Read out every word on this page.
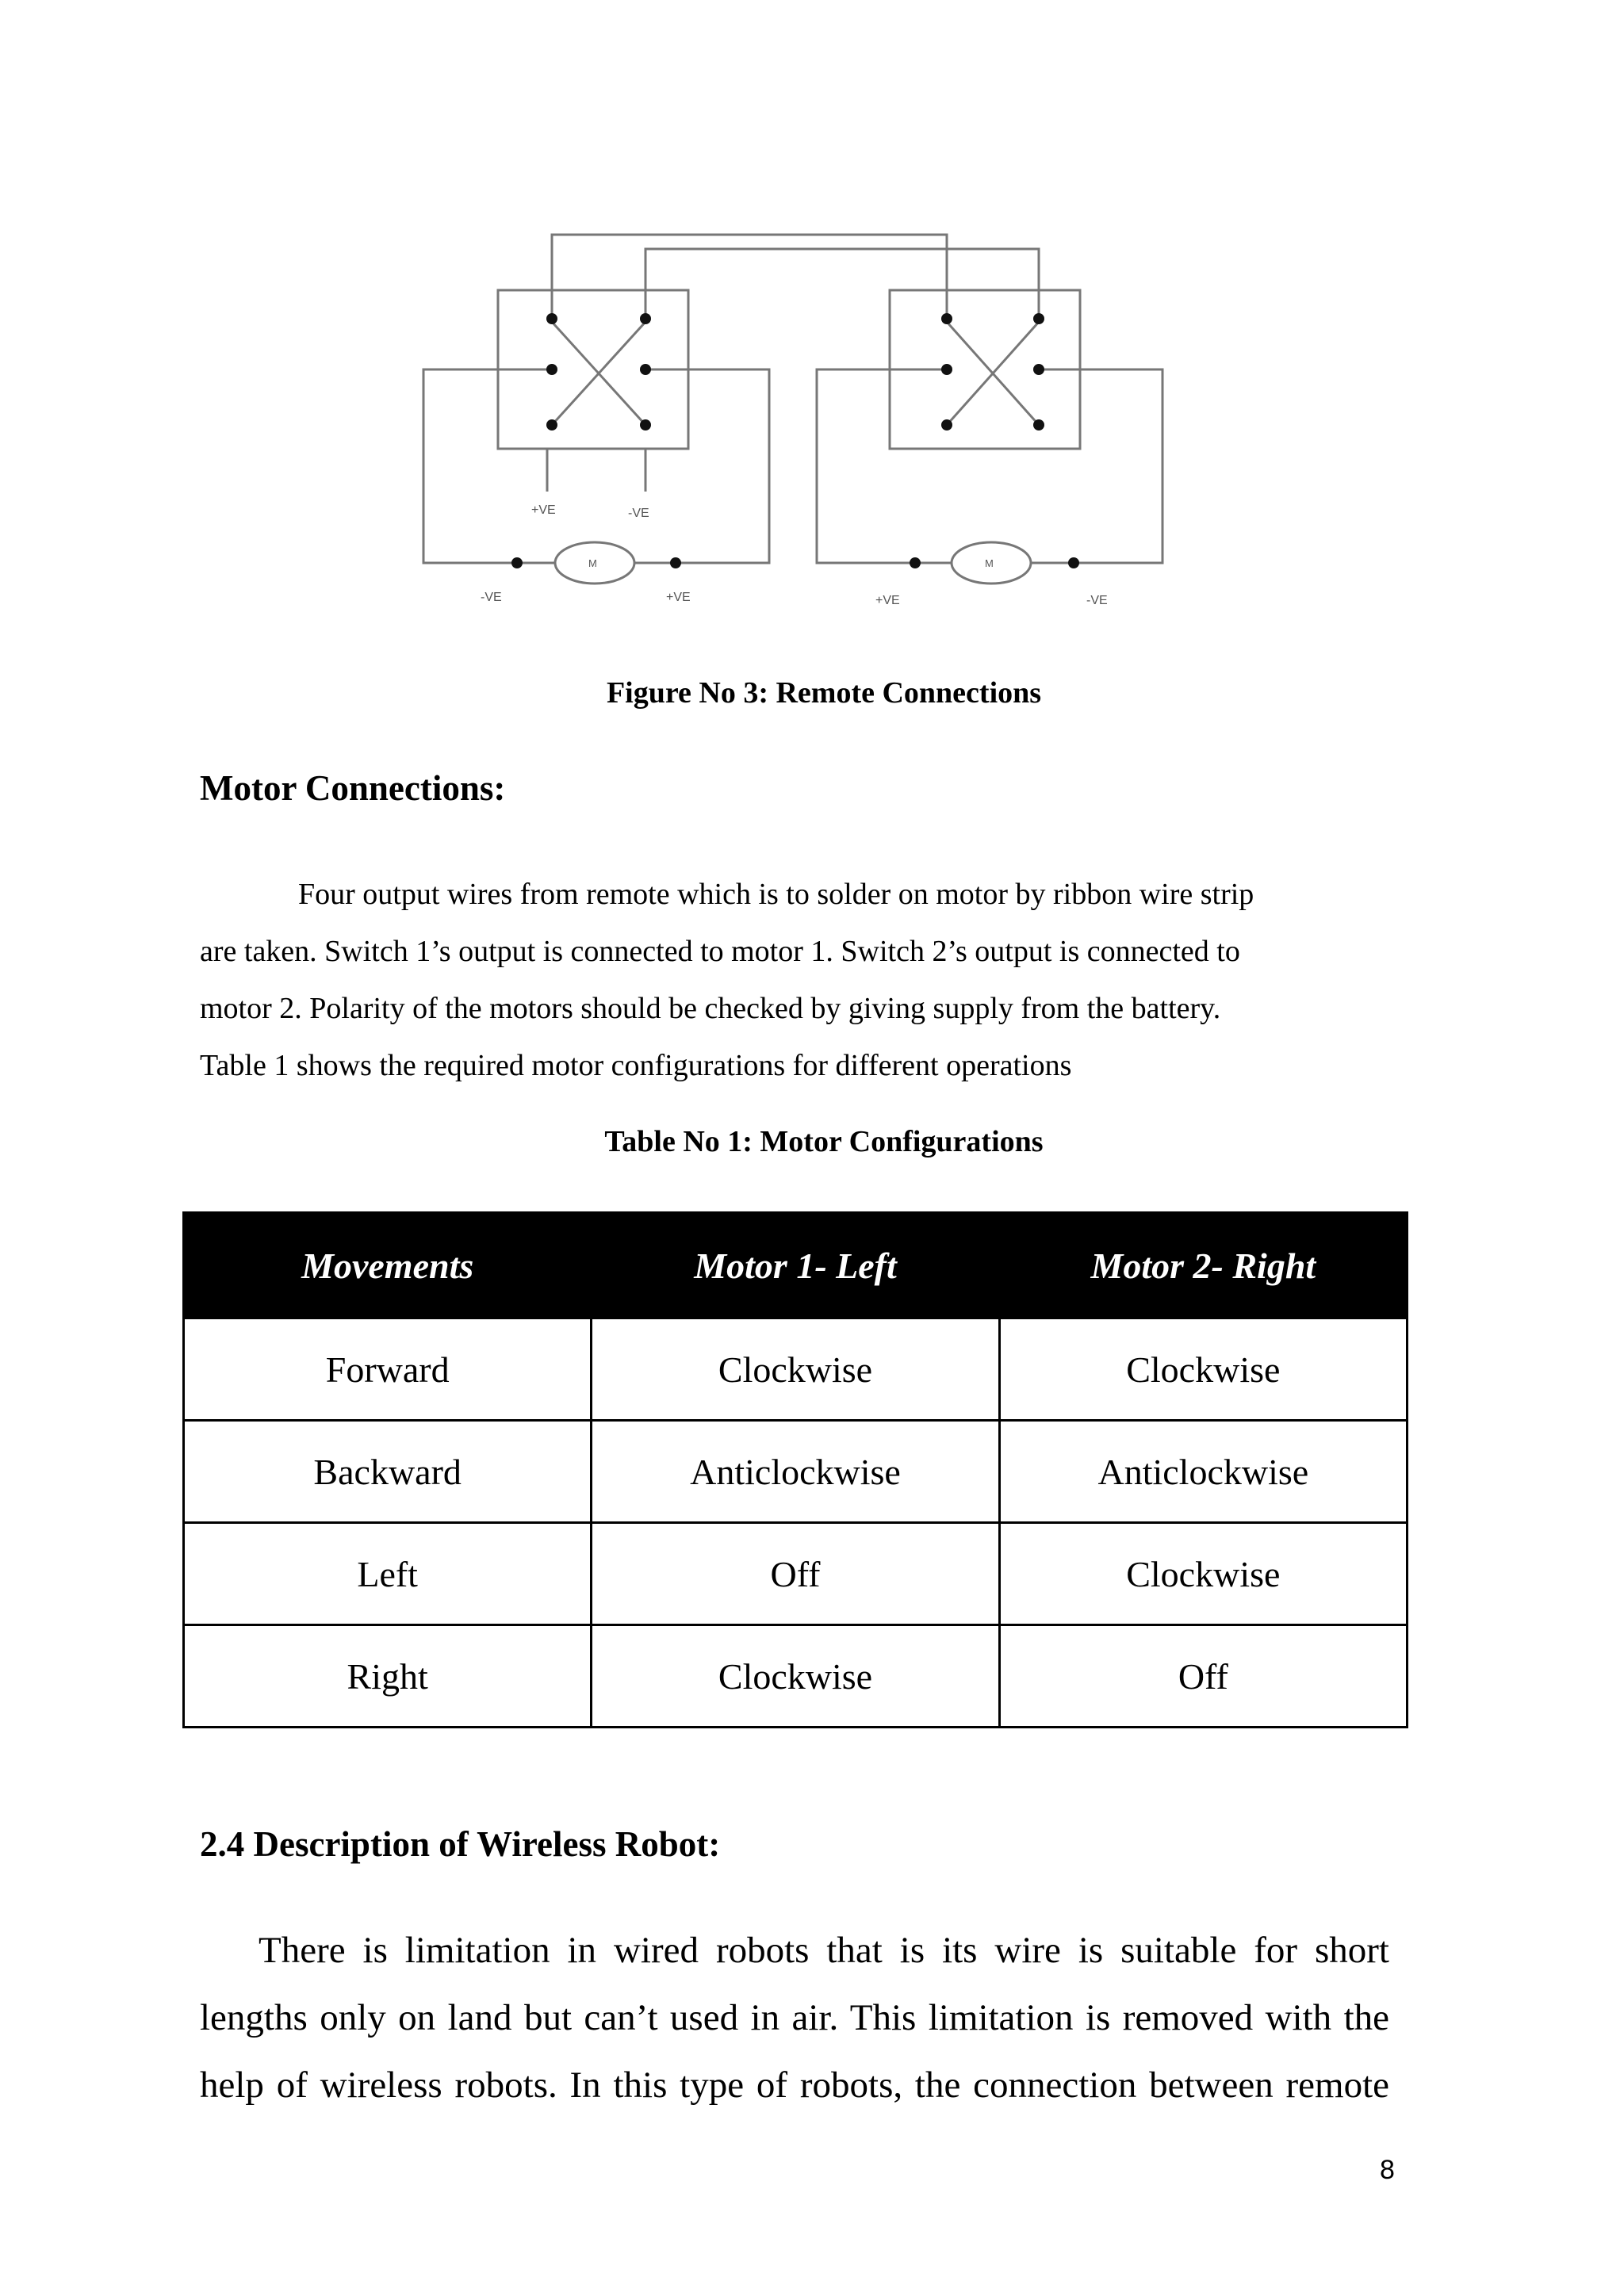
+VE	-VE
-VE	+VE	+VE	-VE
M	M
Figure No 3: Remote Connections
Motor Connections:
Four output wires from remote which is to solder on motor by ribbon wire strip
are taken. Switch 1’s output is connected to motor 1. Switch 2’s output is connected to
motor 2. Polarity of the motors should be checked by giving supply from the battery.
Table 1 shows the required motor configurations for different operations
Table No 1: Motor Configurations
Movements	Motor 1- Left	Motor 2- Right
Forward	Clockwise	Clockwise
Backward	Anticlockwise	Anticlockwise
Left	Off	Clockwise
Right	Clockwise	Off
2.4 Description of Wireless Robot:
There is limitation in wired robots that is its wire is suitable for short
lengths only on land but can’t used in air. This limitation is removed with the
help of wireless robots. In this type of robots, the connection between remote
8
